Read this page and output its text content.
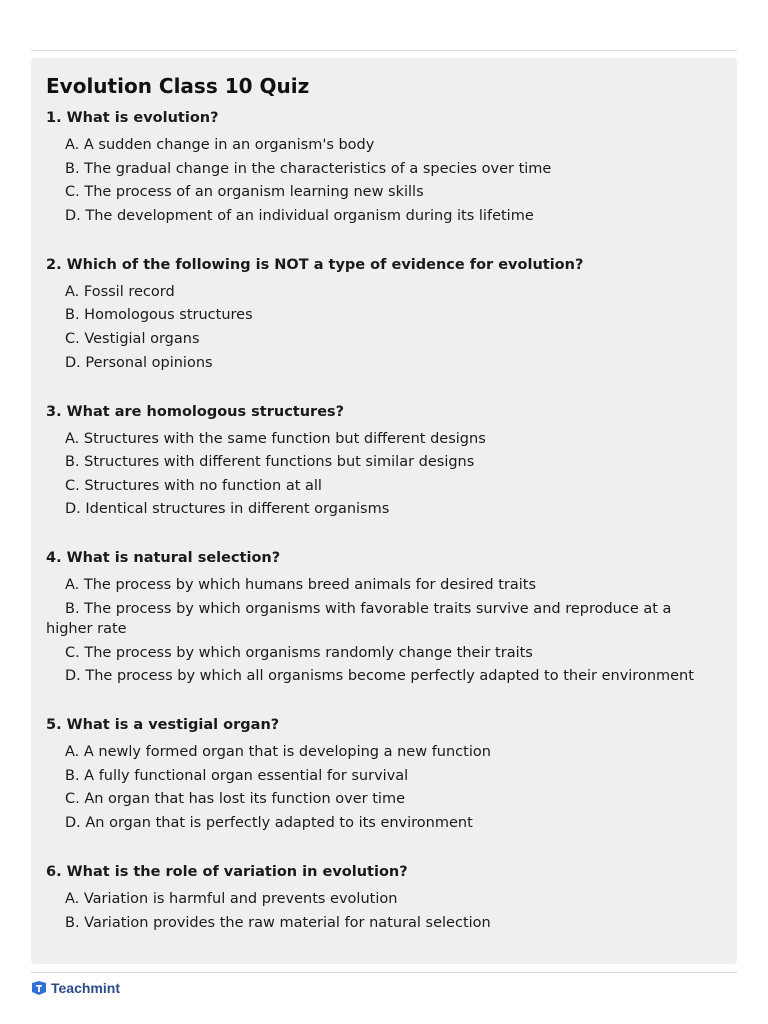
Evolution Class 10 Quiz

1. What is evolution?

A. A sudden change in an organism's body
B. The gradual change in the characteristics of a species over time
C. The process of an organism learning new skills
D. The development of an individual organism during its lifetime

2. Which of the following is NOT a type of evidence for evolution?

A. Fossil record
B. Homologous structures
C. Vestigial organs
D. Personal opinions

3. What are homologous structures?

A. Structures with the same function but different designs
B. Structures with different functions but similar designs
C. Structures with no function at all
D. Identical structures in different organisms

4. What is natural selection?

A. The process by which humans breed animals for desired traits
B. The process by which organisms with favorable traits survive and reproduce at a higher rate
C. The process by which organisms randomly change their traits
D. The process by which all organisms become perfectly adapted to their environment

5. What is a vestigial organ?

A. A newly formed organ that is developing a new function
B. A fully functional organ essential for survival
C. An organ that has lost its function over time
D. An organ that is perfectly adapted to its environment

6. What is the role of variation in evolution?

A. Variation is harmful and prevents evolution
B. Variation provides the raw material for natural selection
Teachmint
